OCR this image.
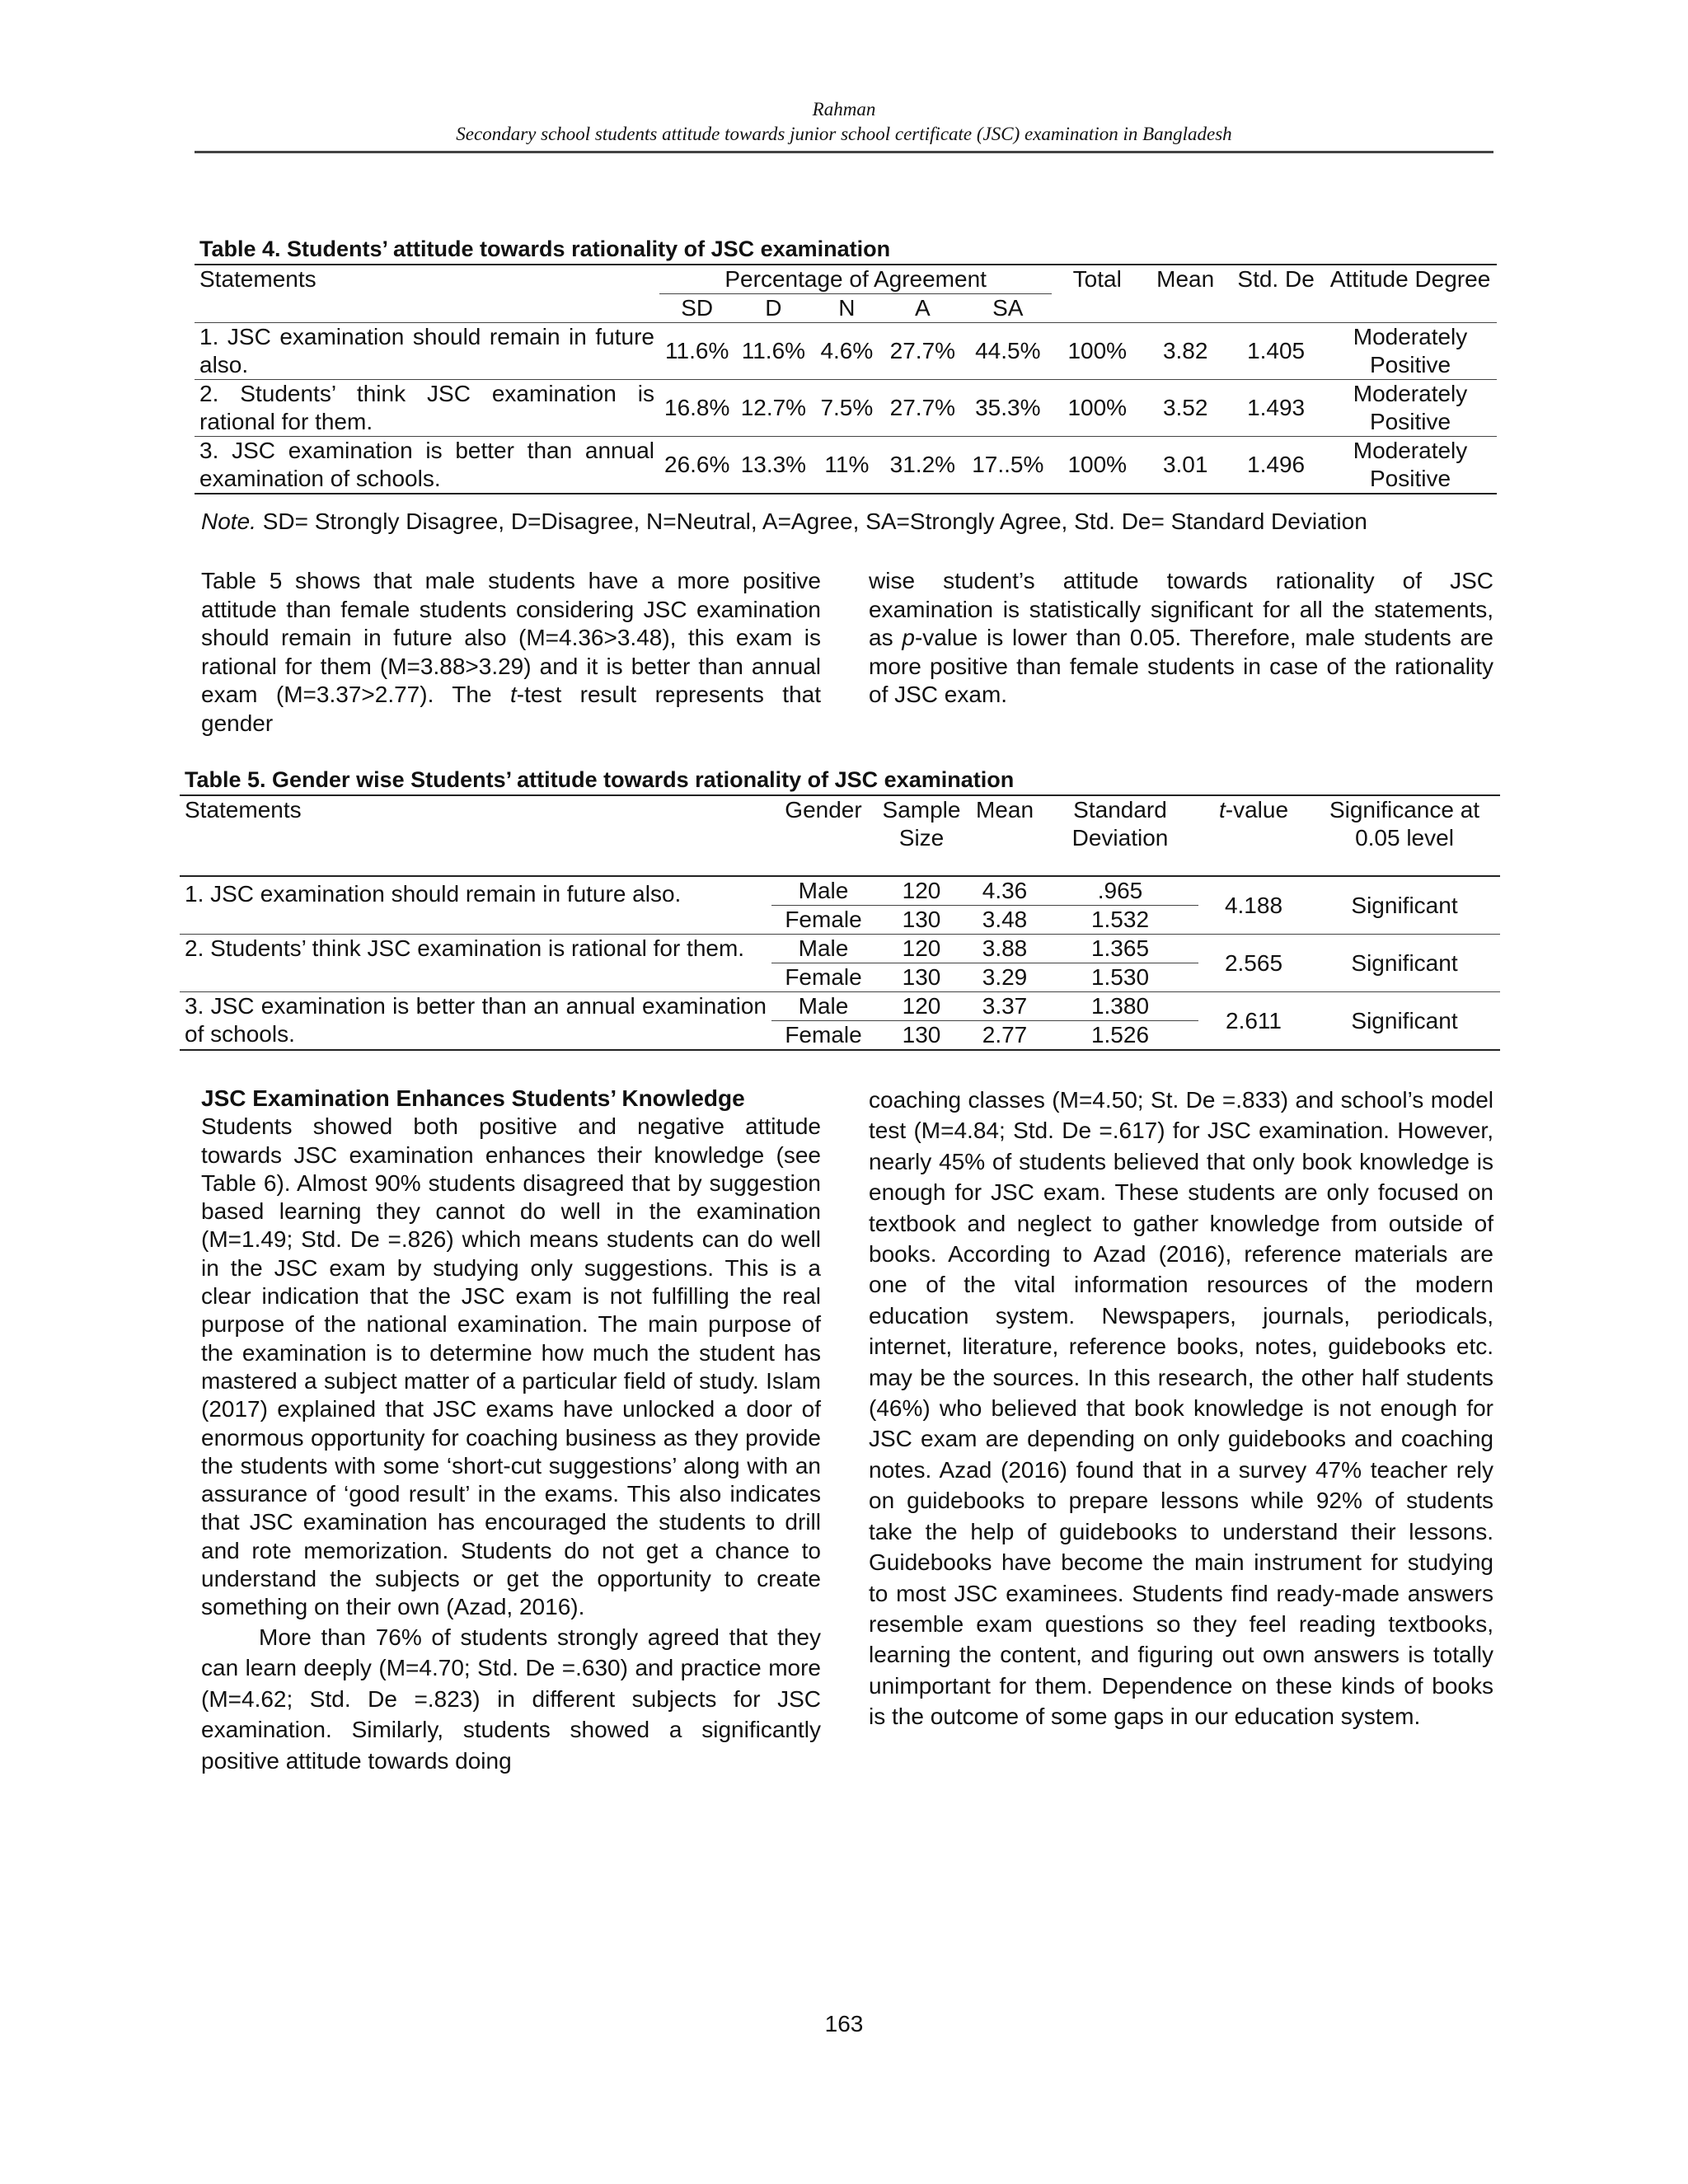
Rahman
Secondary school students attitude towards junior school certificate (JSC) examination in Bangladesh

Table 4. Students’ attitude towards rationality of JSC examination

Statements	Percentage of Agreement					Total	Mean	Std. De	Attitude Degree
	SD	D	N	A	SA				
1. JSC examination should remain in future also.	11.6%	11.6%	4.6%	27.7%	44.5%	100%	3.82	1.405	Moderately Positive
2. Students’ think JSC examination is rational for them.	16.8%	12.7%	7.5%	27.7%	35.3%	100%	3.52	1.493	Moderately Positive
3. JSC examination is better than annual examination of schools.	26.6%	13.3%	11%	31.2%	17..5%	100%	3.01	1.496	Moderately Positive
Note. SD= Strongly Disagree, D=Disagree, N=Neutral, A=Agree, SA=Strongly Agree, Std. De= Standard Deviation
Table 5 shows that male students have a more positive attitude than female students considering JSC examination should remain in future also (M=4.36>3.48), this exam is rational for them (M=3.88>3.29) and it is better than annual exam (M=3.37>2.77). The t-test result represents that gender
wise student’s attitude towards rationality of JSC examination is statistically significant for all the statements, as p-value is lower than 0.05. Therefore, male students are more positive than female students in case of the rationality of JSC exam.

Table 5. Gender wise Students’ attitude towards rationality of JSC examination

Statements	Gender	Sample Size	Mean	Standard Deviation	t-value	Significance at 0.05 level
1. JSC examination should remain in future also.	Male	120	4.36	.965	4.188	Significant
	Female	130	3.48	1.532		
2. Students’ think JSC examination is rational for them.	Male	120	3.88	1.365	2.565	Significant
	Female	130	3.29	1.530		
3. JSC examination is better than an annual examination of schools.	Male	120	3.37	1.380	2.611	Significant
	Female	130	2.77	1.526		

JSC Examination Enhances Students’ Knowledge

Students showed both positive and negative attitude towards JSC examination enhances their knowledge (see Table 6). Almost 90% students disagreed that by suggestion based learning they cannot do well in the examination (M=1.49; Std. De =.826) which means students can do well in the JSC exam by studying only suggestions. This is a clear indication that the JSC exam is not fulfilling the real purpose of the national examination. The main purpose of the examination is to determine how much the student has mastered a subject matter of a particular field of study. Islam (2017) explained that JSC exams have unlocked a door of enormous opportunity for coaching business as they provide the students with some ‘short-cut suggestions’ along with an assurance of ‘good result’ in the exams. This also indicates that JSC examination has encouraged the students to drill and rote memorization. Students do not get a chance to understand the subjects or get the opportunity to create something on their own (Azad, 2016).

More than 76% of students strongly agreed that they can learn deeply (M=4.70; Std. De =.630) and practice more (M=4.62; Std. De =.823) in different subjects for JSC examination. Similarly, students showed a significantly positive attitude towards doing

coaching classes (M=4.50; St. De =.833) and school’s model test (M=4.84; Std. De =.617) for JSC examination. However, nearly 45% of students believed that only book knowledge is enough for JSC exam. These students are only focused on textbook and neglect to gather knowledge from outside of books. According to Azad (2016), reference materials are one of the vital information resources of the modern education system. Newspapers, journals, periodicals, internet, literature, reference books, notes, guidebooks etc. may be the sources. In this research, the other half students (46%) who believed that book knowledge is not enough for JSC exam are depending on only guidebooks and coaching notes. Azad (2016) found that in a survey 47% teacher rely on guidebooks to prepare lessons while 92% of students take the help of guidebooks to understand their lessons. Guidebooks have become the main instrument for studying to most JSC examinees. Students find ready-made answers resemble exam questions so they feel reading textbooks, learning the content, and figuring out own answers is totally unimportant for them. Dependence on these kinds of books is the outcome of some gaps in our education system.

163
